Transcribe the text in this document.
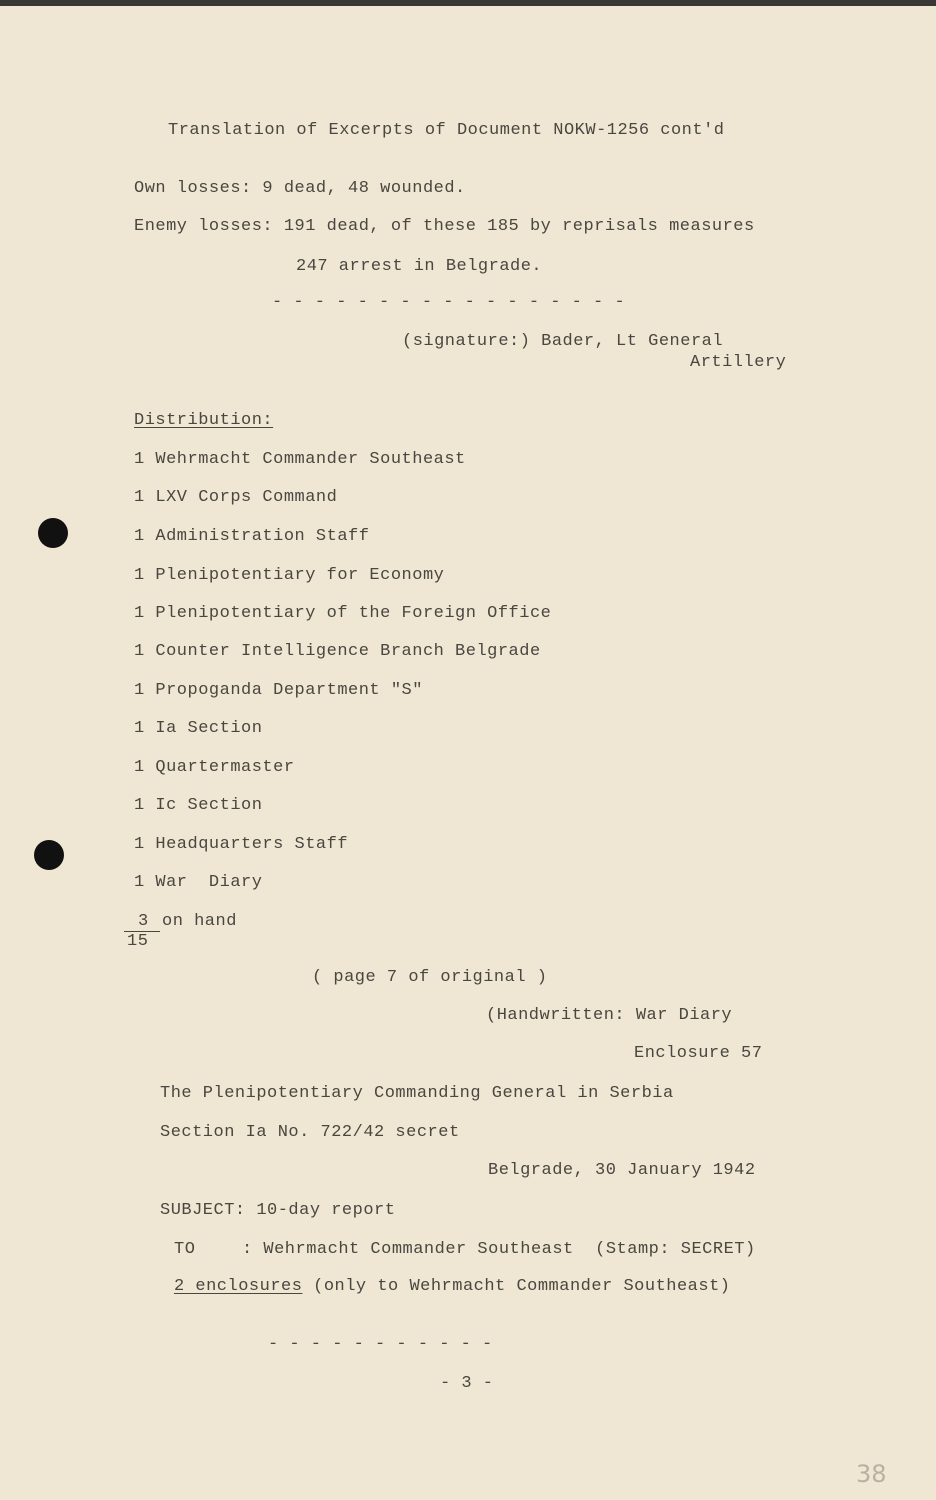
Translation of Excerpts of Document NOKW-1256 cont'd
Own losses: 9 dead, 48 wounded.
Enemy losses: 191 dead, of these 185 by reprisals measures
247 arrest in Belgrade.
- - - - - - - - - - - - - - - - -
(signature:) Bader, Lt General
Artillery
Distribution:
1 Wehrmacht Commander Southeast
1 LXV Corps Command
1 Administration Staff
1 Plenipotentiary for Economy
1 Plenipotentiary of the Foreign Office
1 Counter Intelligence Branch Belgrade
1 Propoganda Department "S"
1 Ia Section
1 Quartermaster
1 Ic Section
1 Headquarters Staff
1 War  Diary
3 on hand
15
( page 7 of original )
(Handwritten: War Diary
Enclosure 57
The Plenipotentiary Commanding General in Serbia
Section Ia No. 722/42 secret
Belgrade, 30 January 1942
SUBJECT: 10-day report
TO	: Wehrmacht Commander Southeast  (Stamp: SECRET)
2 enclosures (only to Wehrmacht Commander Southeast)
- - - - - - - - - - -
- 3 -
38
